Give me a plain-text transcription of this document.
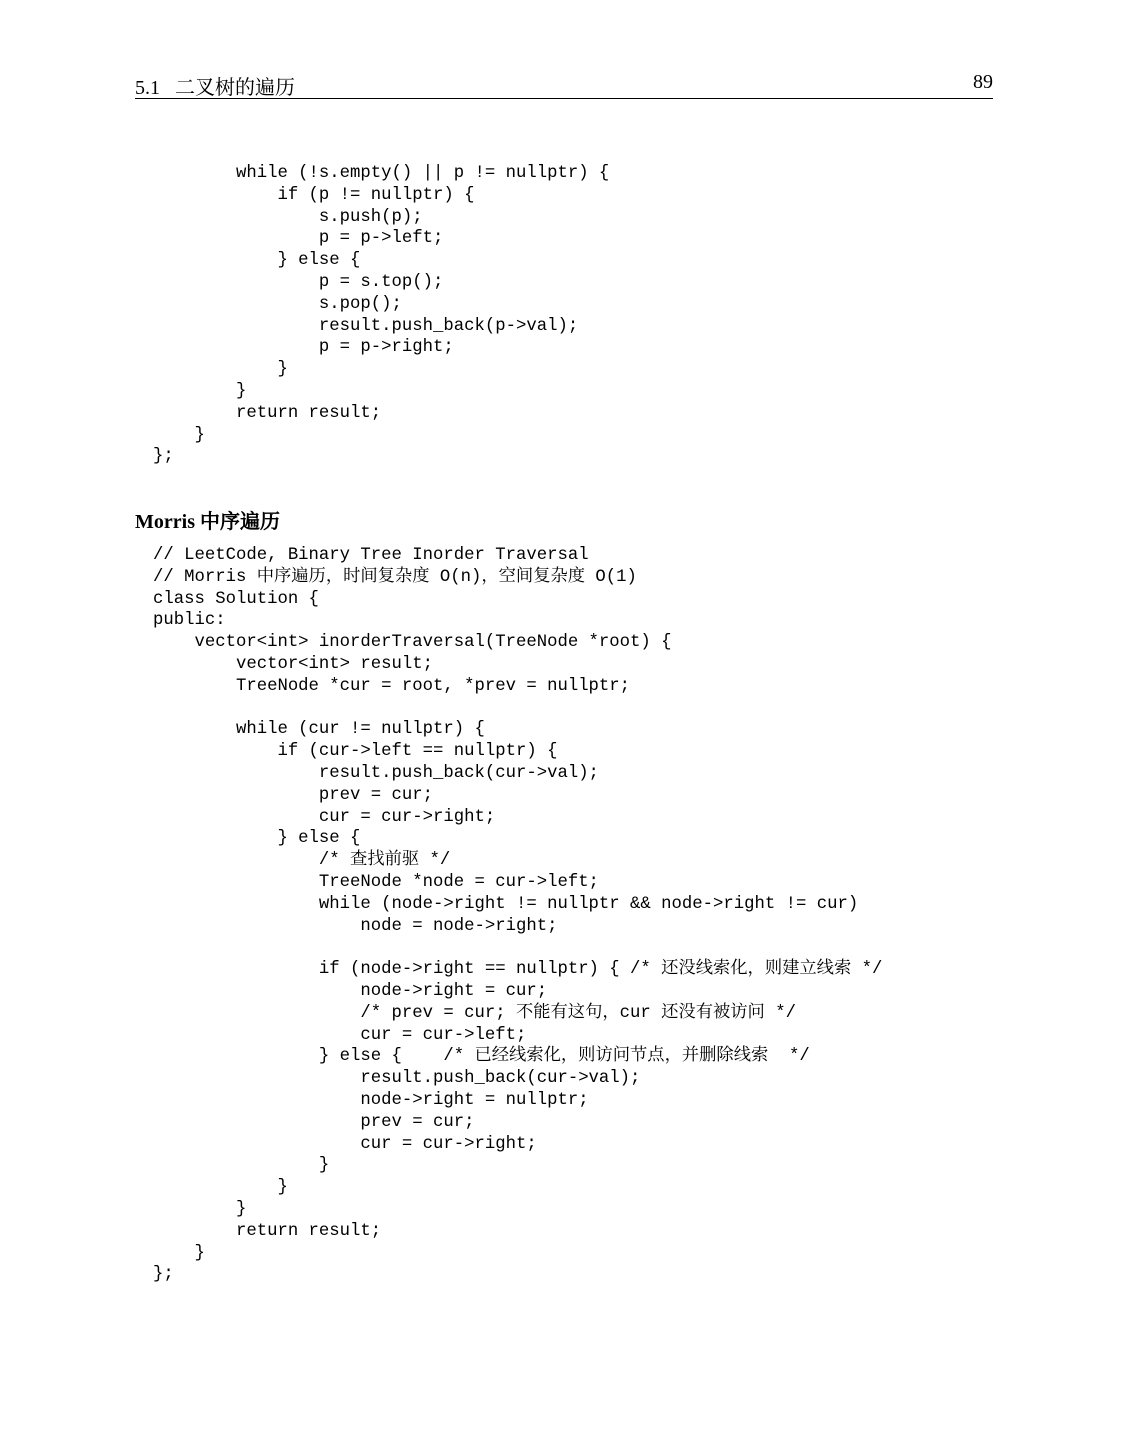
5.1   二叉树的遍历	89
while (!s.empty() || p != nullptr) {
if (p != nullptr) {
s.push(p);
p = p->left;
} else {
p = s.top();
s.pop();
result.push_back(p->val);
p = p->right;
}
}
return result;
}
};
Morris 中序遍历
// LeetCode, Binary Tree Inorder Traversal
// Morris 中序遍历，时间复杂度 O(n)，空间复杂度 O(1)
class Solution {
public:
vector<int> inorderTraversal(TreeNode *root) {
vector<int> result;
TreeNode *cur = root, *prev = nullptr;
while (cur != nullptr) {
if (cur->left == nullptr) {
result.push_back(cur->val);
prev = cur;
cur = cur->right;
} else {
/* 查找前驱 */
TreeNode *node = cur->left;
while (node->right != nullptr && node->right != cur)
node = node->right;
if (node->right == nullptr) { /* 还没线索化，则建立线索 */
node->right = cur;
/* prev = cur; 不能有这句，cur 还没有被访问 */
cur = cur->left;
} else {    /* 已经线索化，则访问节点，并删除线索  */
result.push_back(cur->val);
node->right = nullptr;
prev = cur;
cur = cur->right;
}
}
}
return result;
}
};
